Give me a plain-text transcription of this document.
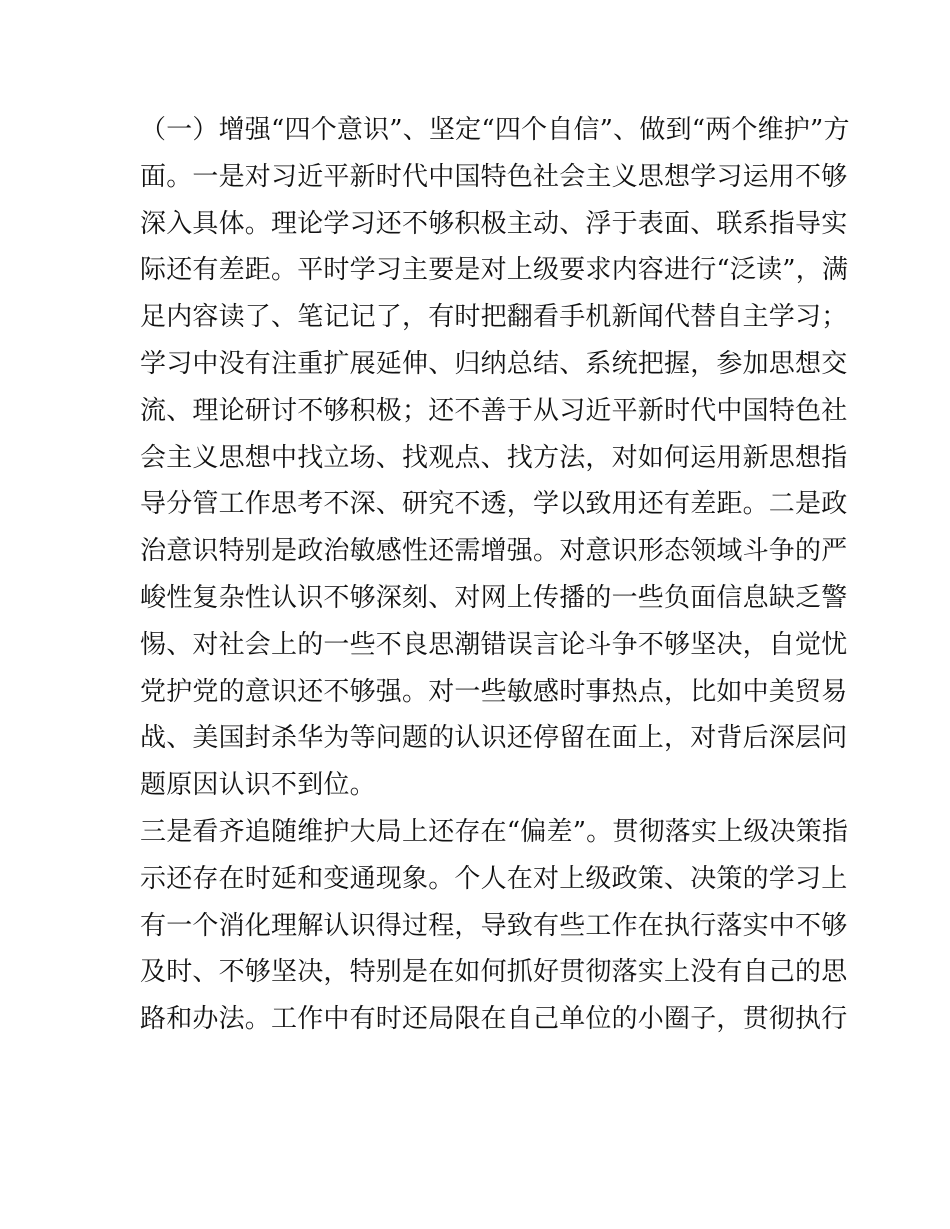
（一）增强“四个意识”、坚定“四个自信”、做到“两个维护”方
面。一是对习近平新时代中国特色社会主义思想学习运用不够
深入具体。理论学习还不够积极主动、浮于表面、联系指导实
际还有差距。平时学习主要是对上级要求内容进行“泛读”，满
足内容读了、笔记记了，有时把翻看手机新闻代替自主学习；
学习中没有注重扩展延伸、归纳总结、系统把握，参加思想交
流、理论研讨不够积极；还不善于从习近平新时代中国特色社
会主义思想中找立场、找观点、找方法，对如何运用新思想指
导分管工作思考不深、研究不透，学以致用还有差距。二是政
治意识特别是政治敏感性还需增强。对意识形态领域斗争的严
峻性复杂性认识不够深刻、对网上传播的一些负面信息缺乏警
惕、对社会上的一些不良思潮错误言论斗争不够坚决，自觉忧
党护党的意识还不够强。对一些敏感时事热点，比如中美贸易
战、美国封杀华为等问题的认识还停留在面上，对背后深层问
题原因认识不到位。
三是看齐追随维护大局上还存在“偏差”。贯彻落实上级决策指
示还存在时延和变通现象。个人在对上级政策、决策的学习上
有一个消化理解认识得过程，导致有些工作在执行落实中不够
及时、不够坚决，特别是在如何抓好贯彻落实上没有自己的思
路和办法。工作中有时还局限在自己单位的小圈子，贯彻执行
